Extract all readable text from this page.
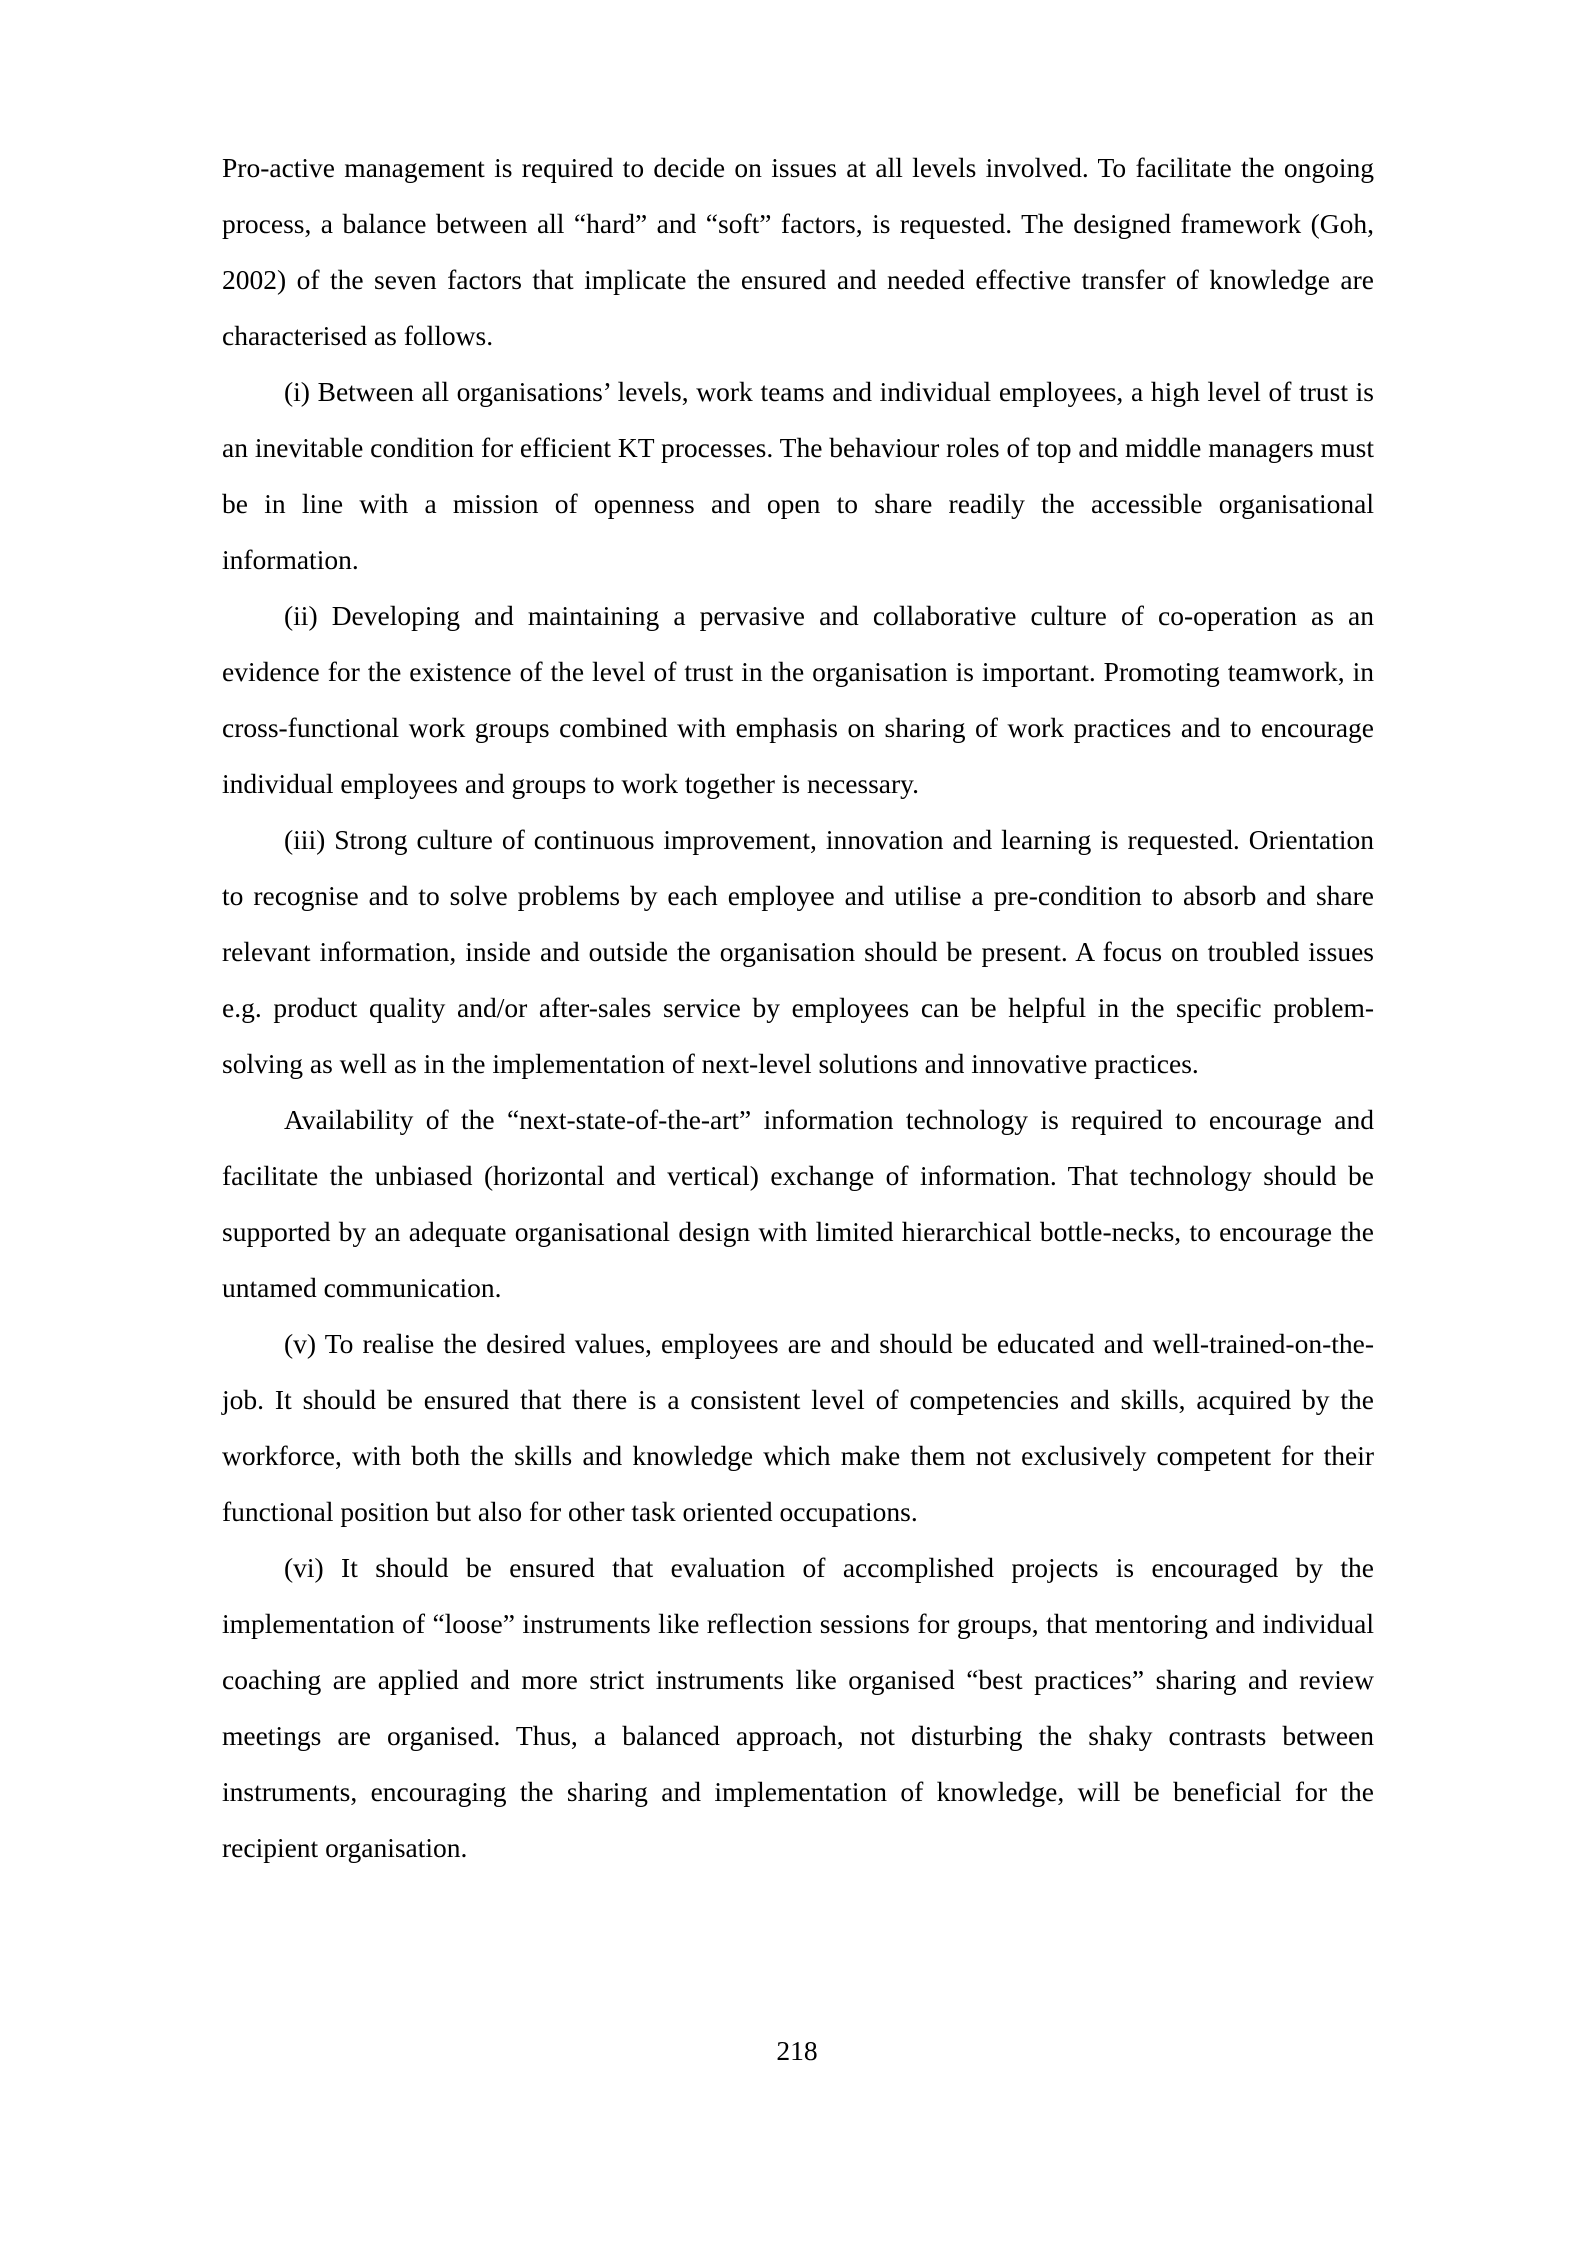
Pro-active management is required to decide on issues at all levels involved. To facilitate the ongoing process, a balance between all “hard” and “soft” factors, is requested. The designed framework (Goh, 2002) of the seven factors that implicate the ensured and needed effective transfer of knowledge are characterised as follows.

(i) Between all organisations’ levels, work teams and individual employees, a high level of trust is an inevitable condition for efficient KT processes. The behaviour roles of top and middle managers must be in line with a mission of openness and open to share readily the accessible organisational information.

(ii) Developing and maintaining a pervasive and collaborative culture of co-operation as an evidence for the existence of the level of trust in the organisation is important. Promoting teamwork, in cross-functional work groups combined with emphasis on sharing of work practices and to encourage individual employees and groups to work together is necessary.

(iii) Strong culture of continuous improvement, innovation and learning is requested. Orientation to recognise and to solve problems by each employee and utilise a pre-condition to absorb and share relevant information, inside and outside the organisation should be present. A focus on troubled issues e.g. product quality and/or after-sales service by employees can be helpful in the specific problem-solving as well as in the implementation of next-level solutions and innovative practices.

Availability of the “next-state-of-the-art” information technology is required to encourage and facilitate the unbiased (horizontal and vertical) exchange of information. That technology should be supported by an adequate organisational design with limited hierarchical bottle-necks, to encourage the untamed communication.

(v) To realise the desired values, employees are and should be educated and well-trained-on-the-job. It should be ensured that there is a consistent level of competencies and skills, acquired by the workforce, with both the skills and knowledge which make them not exclusively competent for their functional position but also for other task oriented occupations.

(vi) It should be ensured that evaluation of accomplished projects is encouraged by the implementation of “loose” instruments like reflection sessions for groups, that mentoring and individual coaching are applied and more strict instruments like organised “best practices” sharing and review meetings are organised. Thus, a balanced approach, not disturbing the shaky contrasts between instruments, encouraging the sharing and implementation of knowledge, will be beneficial for the recipient organisation.

218
